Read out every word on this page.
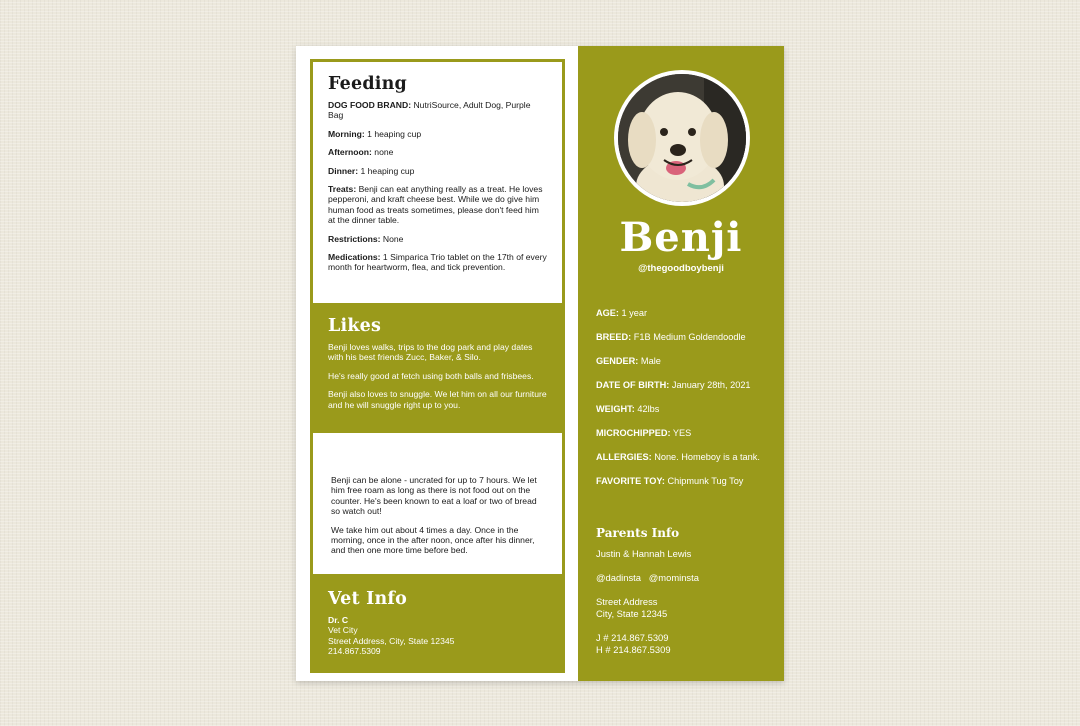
Feeding

DOG FOOD BRAND: NutriSource, Adult Dog, Purple Bag

Morning: 1 heaping cup

Afternoon: none

Dinner: 1 heaping cup

Treats: Benji can eat anything really as a treat. He loves pepperoni, and kraft cheese best. While we do give him human food as treats sometimes, please don't feed him at the dinner table.

Restrictions: None

Medications: 1 Simparica Trio tablet on the 17th of every month for heartworm, flea, and tick prevention.

Likes

Benji loves walks, trips to the dog park and play dates with his best friends Zucc, Baker, & Silo.

He's really good at fetch using both balls and frisbees.

Benji also loves to snuggle. We let him on all our furniture and he will snuggle right up to you.

Potty Schedule

Benji can be alone - uncrated for up to 7 hours. We let him free roam as long as there is not food out on the counter. He's been known to eat a loaf or two of bread so watch out!

We take him out about 4 times a day. Once in the morning, once in the after noon, once after his dinner, and then one more time before bed.

Vet Info

Dr. C

Vet City

Street Address, City, State 12345

214.867.5309

Benji
@thegoodboybenji
AGE: 1 year
BREED: F1B Medium Goldendoodle
GENDER: Male
DATE OF BIRTH: January 28th, 2021
WEIGHT: 42lbs
MICROCHIPPED: YES
ALLERGIES: None. Homeboy is a tank.
FAVORITE TOY: Chipmunk Tug Toy
Parents Info
Justin & Hannah Lewis
@dadinsta   @mominsta
Street Address
City, State 12345
J # 214.867.5309
H # 214.867.5309
